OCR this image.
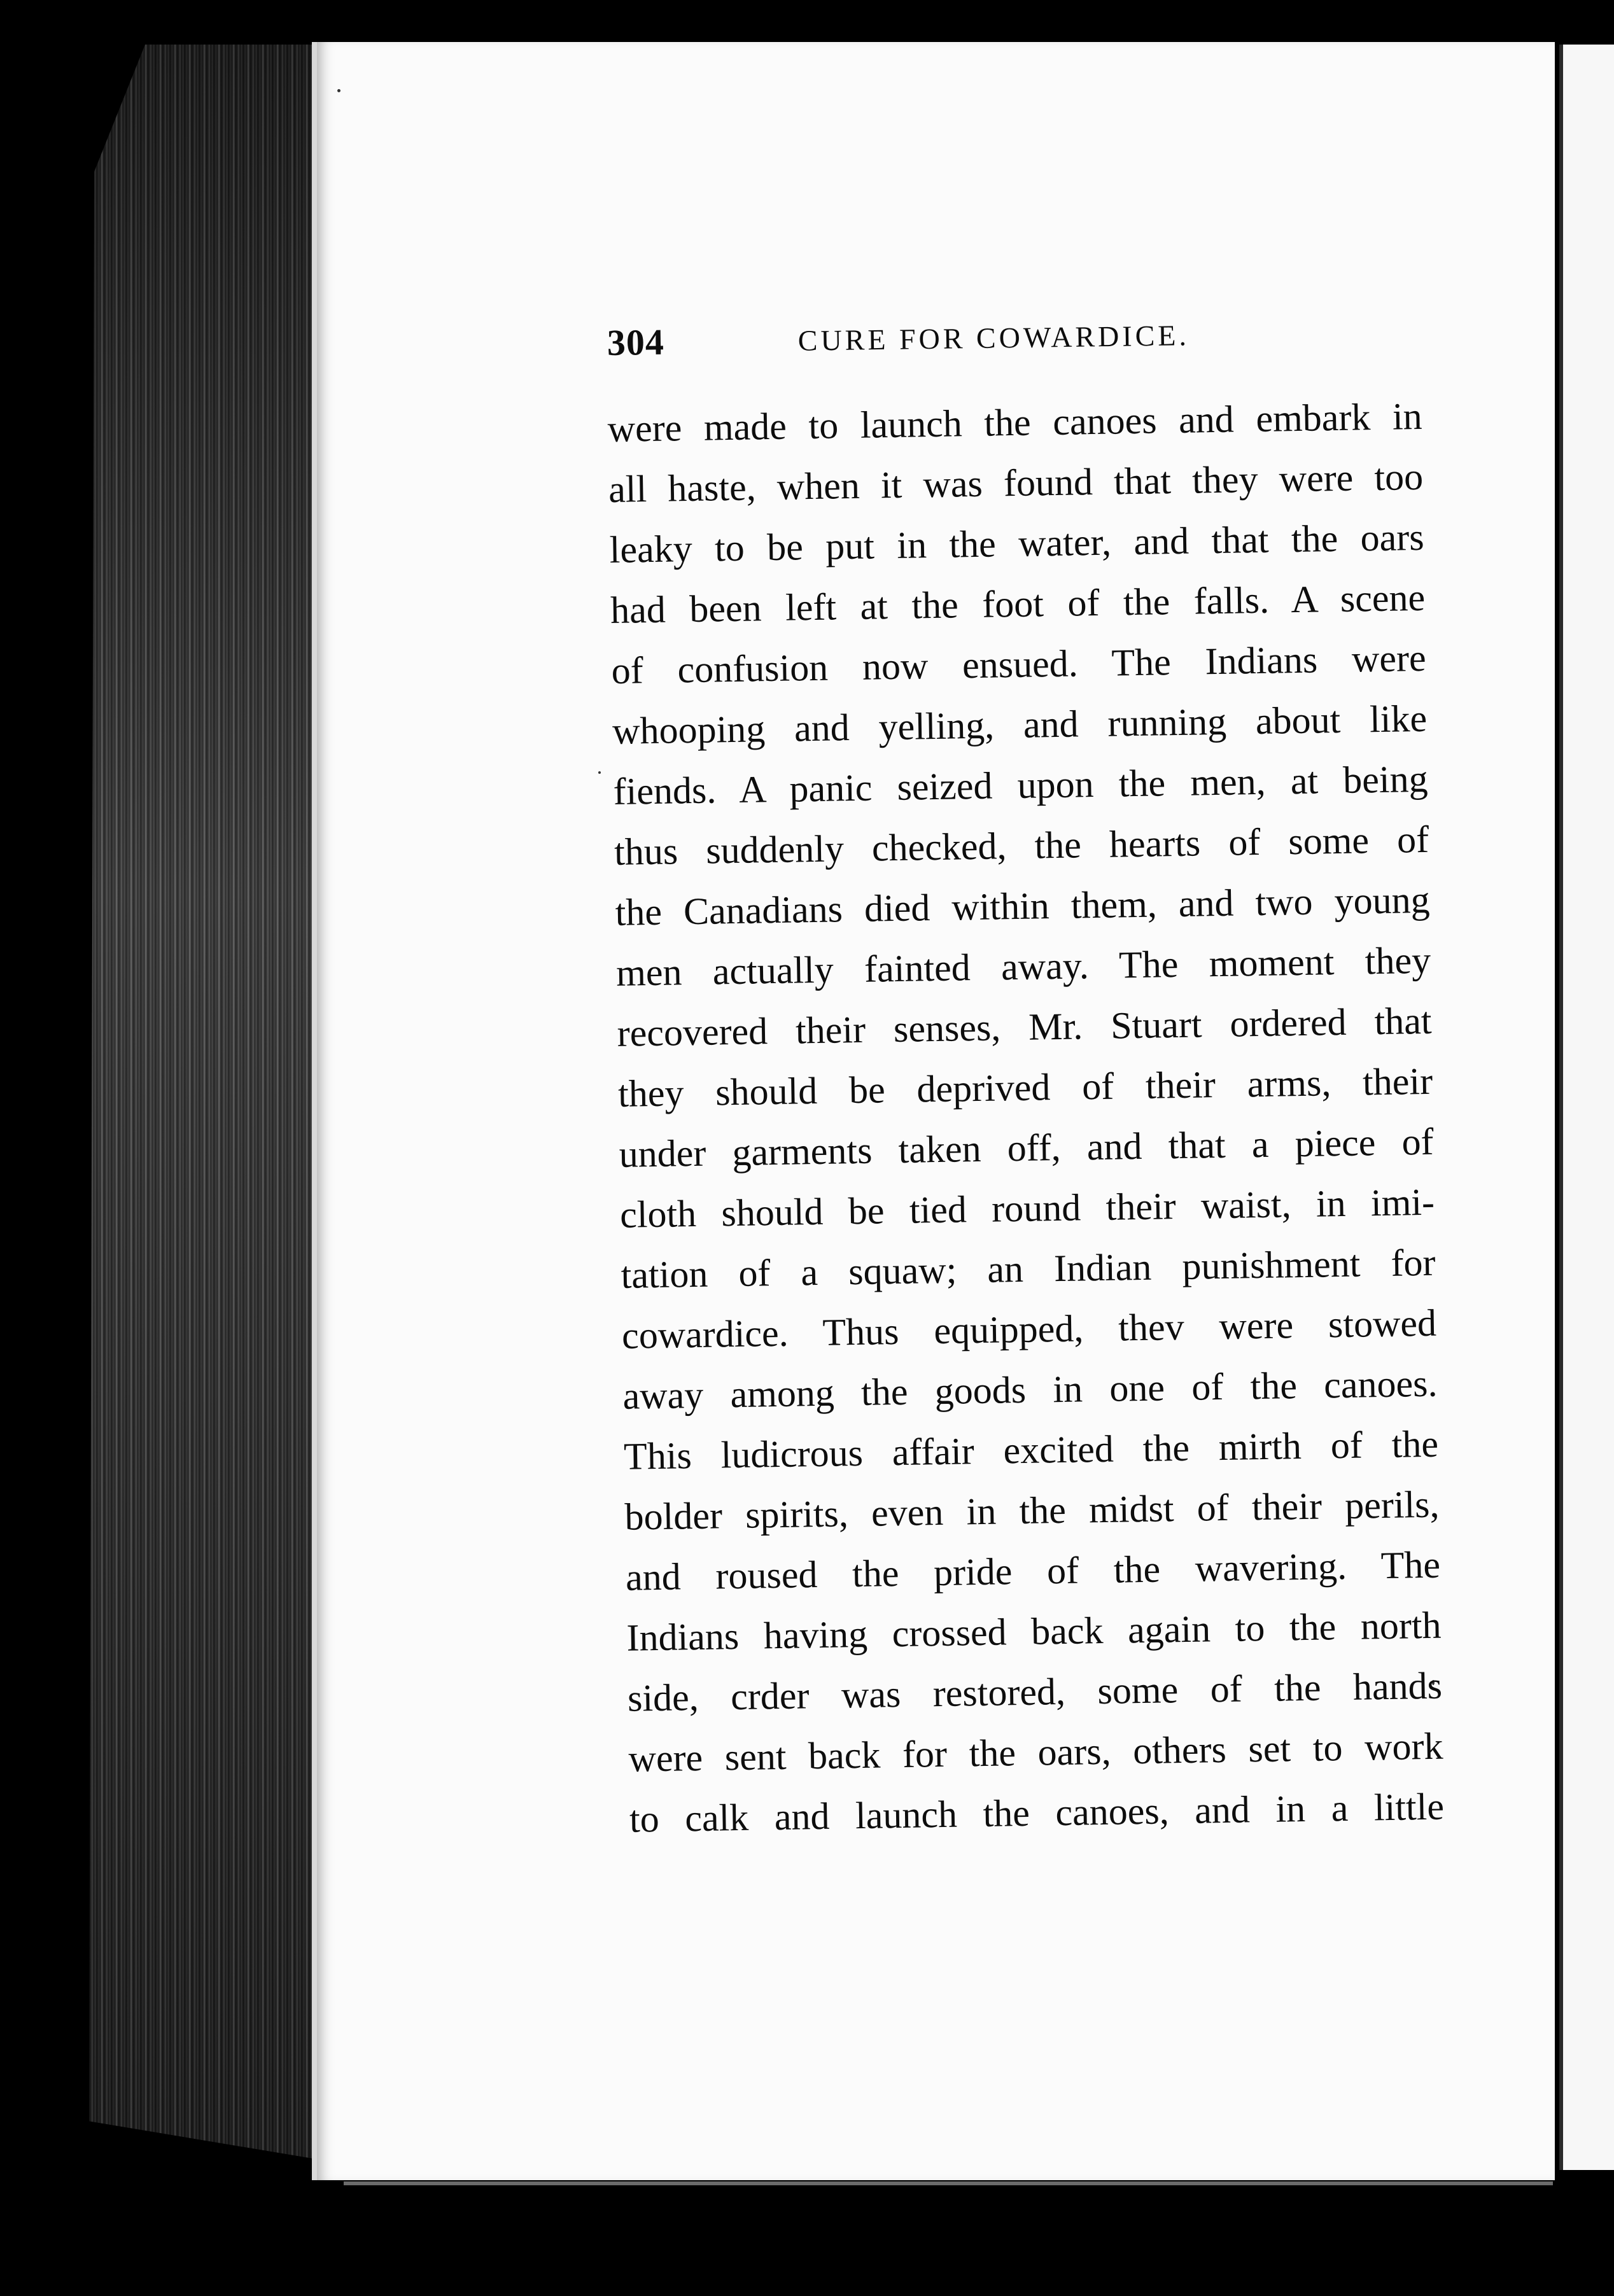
304	CURE FOR COWARDICE.
were made to launch the canoes and embark in
all haste, when it was found that they were too
leaky to be put in the water, and that the oars
had been left at the foot of the falls. A scene
of confusion now ensued. The Indians were
whooping and yelling, and running about like
fiends. A panic seized upon the men, at being
thus suddenly checked, the hearts of some of
the Canadians died within them, and two young
men actually fainted away. The moment they
recovered their senses, Mr. Stuart ordered that
they should be deprived of their arms, their
under garments taken off, and that a piece of
cloth should be tied round their waist, in imi-
tation of a squaw; an Indian punishment for
cowardice. Thus equipped, thev were stowed
away among the goods in one of the canoes.
This ludicrous affair excited the mirth of the
bolder spirits, even in the midst of their perils,
and roused the pride of the wavering. The
Indians having crossed back again to the north
side, crder was restored, some of the hands
were sent back for the oars, others set to work
to calk and launch the canoes, and in a little
